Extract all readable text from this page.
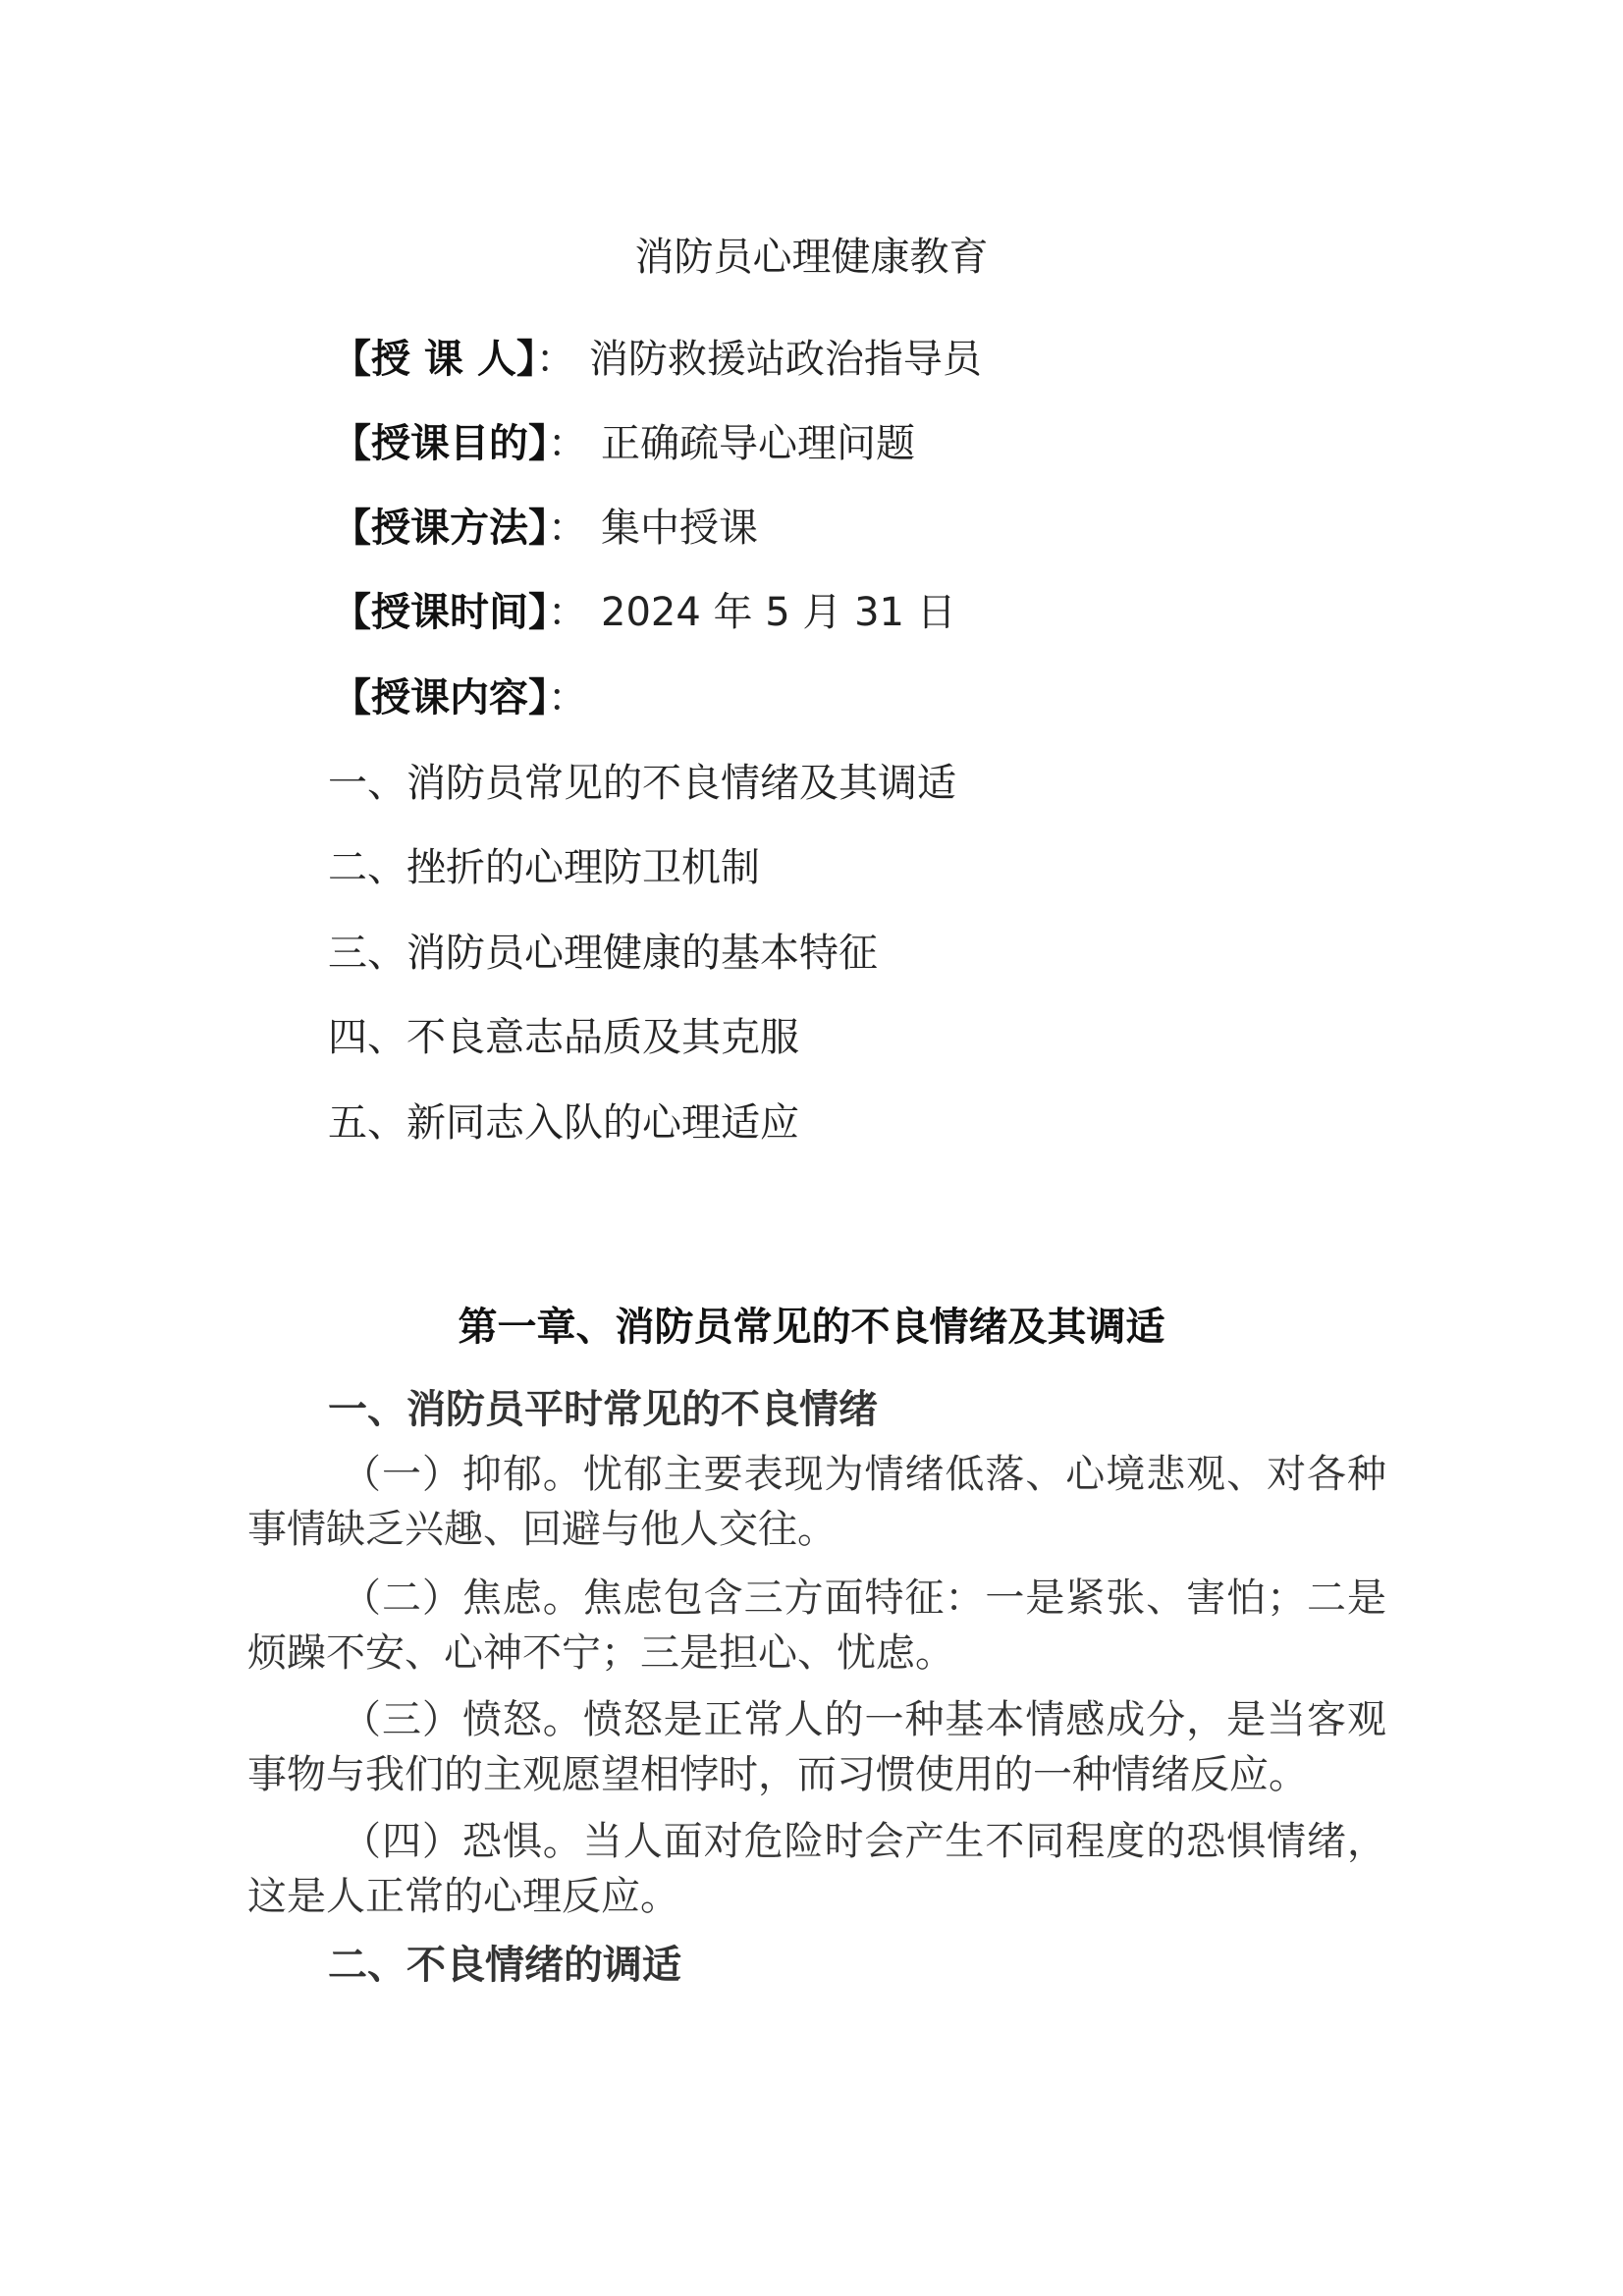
消防员心理健康教育
【授 课 人】： 消防救援站政治指导员
【授课目的】： 正确疏导心理问题
【授课方法】： 集中授课
【授课时间】： 2024 年 5 月 31 日
【授课内容】：
一、消防员常见的不良情绪及其调适
二、挫折的心理防卫机制
三、消防员心理健康的基本特征
四、不良意志品质及其克服
五、新同志入队的心理适应
第一章、消防员常见的不良情绪及其调适
一、消防员平时常见的不良情绪

（一）抑郁。忧郁主要表现为情绪低落、心境悲观、对各种事情缺乏兴趣、回避与他人交往。

（二）焦虑。焦虑包含三方面特征：一是紧张、害怕；二是烦躁不安、心神不宁；三是担心、忧虑。

（三）愤怒。愤怒是正常人的一种基本情感成分，是当客观事物与我们的主观愿望相悖时，而习惯使用的一种情绪反应。

（四）恐惧。当人面对危险时会产生不同程度的恐惧情绪，这是人正常的心理反应。

二、不良情绪的调适
